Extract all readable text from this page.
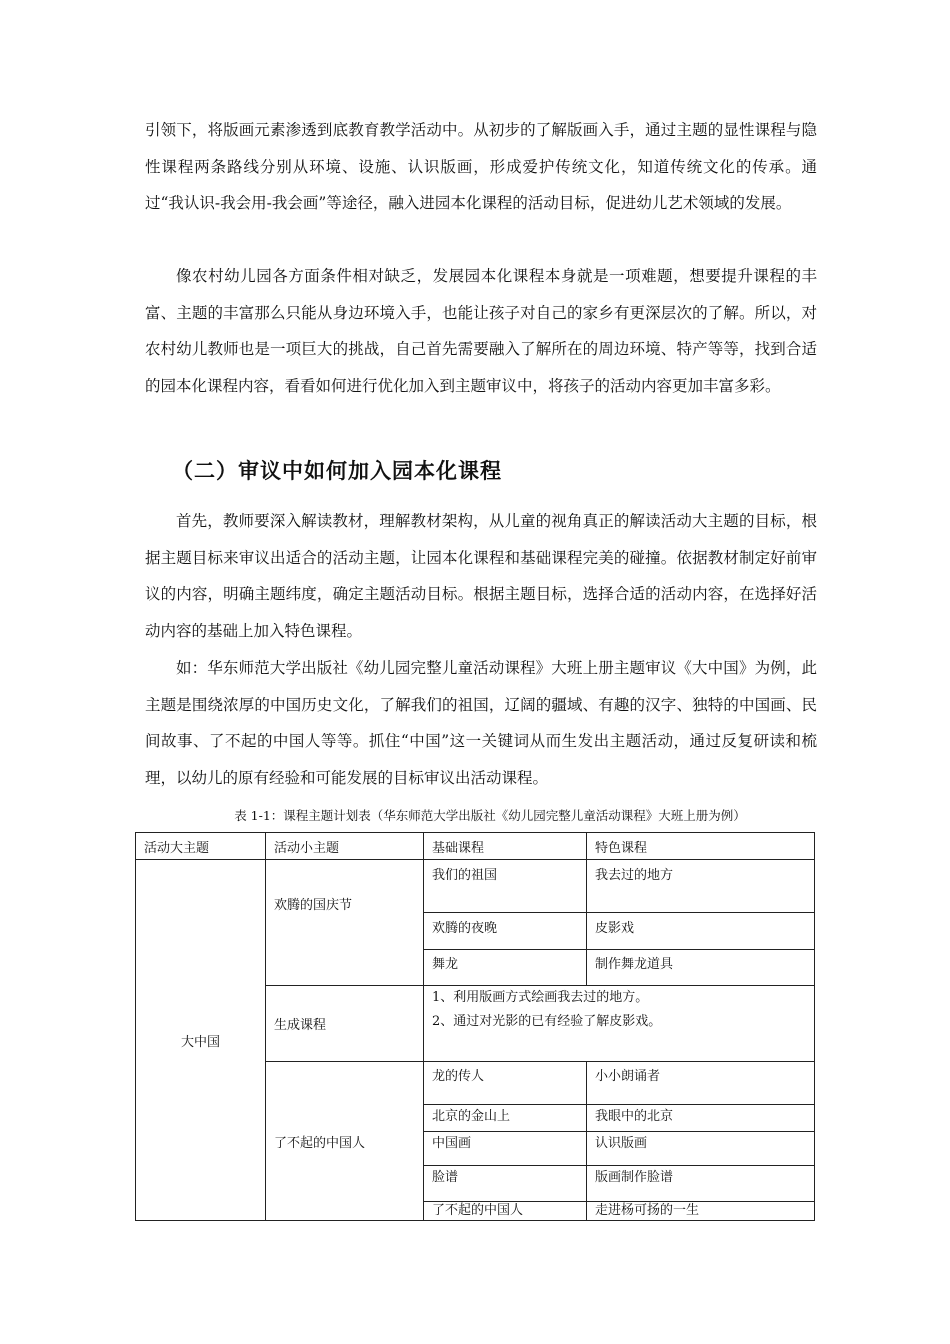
引领下，将版画元素渗透到底教育教学活动中。从初步的了解版画入手，通过主题的显性课程与隐性课程两条路线分别从环境、设施、认识版画，形成爱护传统文化，知道传统文化的传承。通过“我认识-我会用-我会画”等途径，融入进园本化课程的活动目标，促进幼儿艺术领域的发展。

像农村幼儿园各方面条件相对缺乏，发展园本化课程本身就是一项难题，想要提升课程的丰富、主题的丰富那么只能从身边环境入手，也能让孩子对自己的家乡有更深层次的了解。所以，对农村幼儿教师也是一项巨大的挑战，自己首先需要融入了解所在的周边环境、特产等等，找到合适的园本化课程内容，看看如何进行优化加入到主题审议中，将孩子的活动内容更加丰富多彩。

（二）审议中如何加入园本化课程

首先，教师要深入解读教材，理解教材架构，从儿童的视角真正的解读活动大主题的目标，根据主题目标来审议出适合的活动主题，让园本化课程和基础课程完美的碰撞。依据教材制定好前审议的内容，明确主题纬度，确定主题活动目标。根据主题目标，选择合适的活动内容，在选择好活动内容的基础上加入特色课程。

如：华东师范大学出版社《幼儿园完整儿童活动课程》大班上册主题审议《大中国》为例，此主题是围绕浓厚的中国历史文化，了解我们的祖国，辽阔的疆域、有趣的汉字、独特的中国画、民间故事、了不起的中国人等等。抓住“中国”这一关键词从而生发出主题活动，通过反复研读和梳理，以幼儿的原有经验和可能发展的目标审议出活动课程。

表 1-1：课程主题计划表（华东师范大学出版社《幼儿园完整儿童活动课程》大班上册为例）
活动大主题	活动小主题	基础课程	特色课程
大中国	欢腾的国庆节	我们的祖国	我去过的地方
		欢腾的夜晚	皮影戏
		舞龙	制作舞龙道具
	生成课程	1、利用版画方式绘画我去过的地方。
2、通过对光影的已有经验了解皮影戏。	

	了不起的中国人	龙的传人	小小朗诵者
		北京的金山上	我眼中的北京
		中国画	认识版画
		脸谱	版画制作脸谱
		了不起的中国人	走进杨可扬的一生
